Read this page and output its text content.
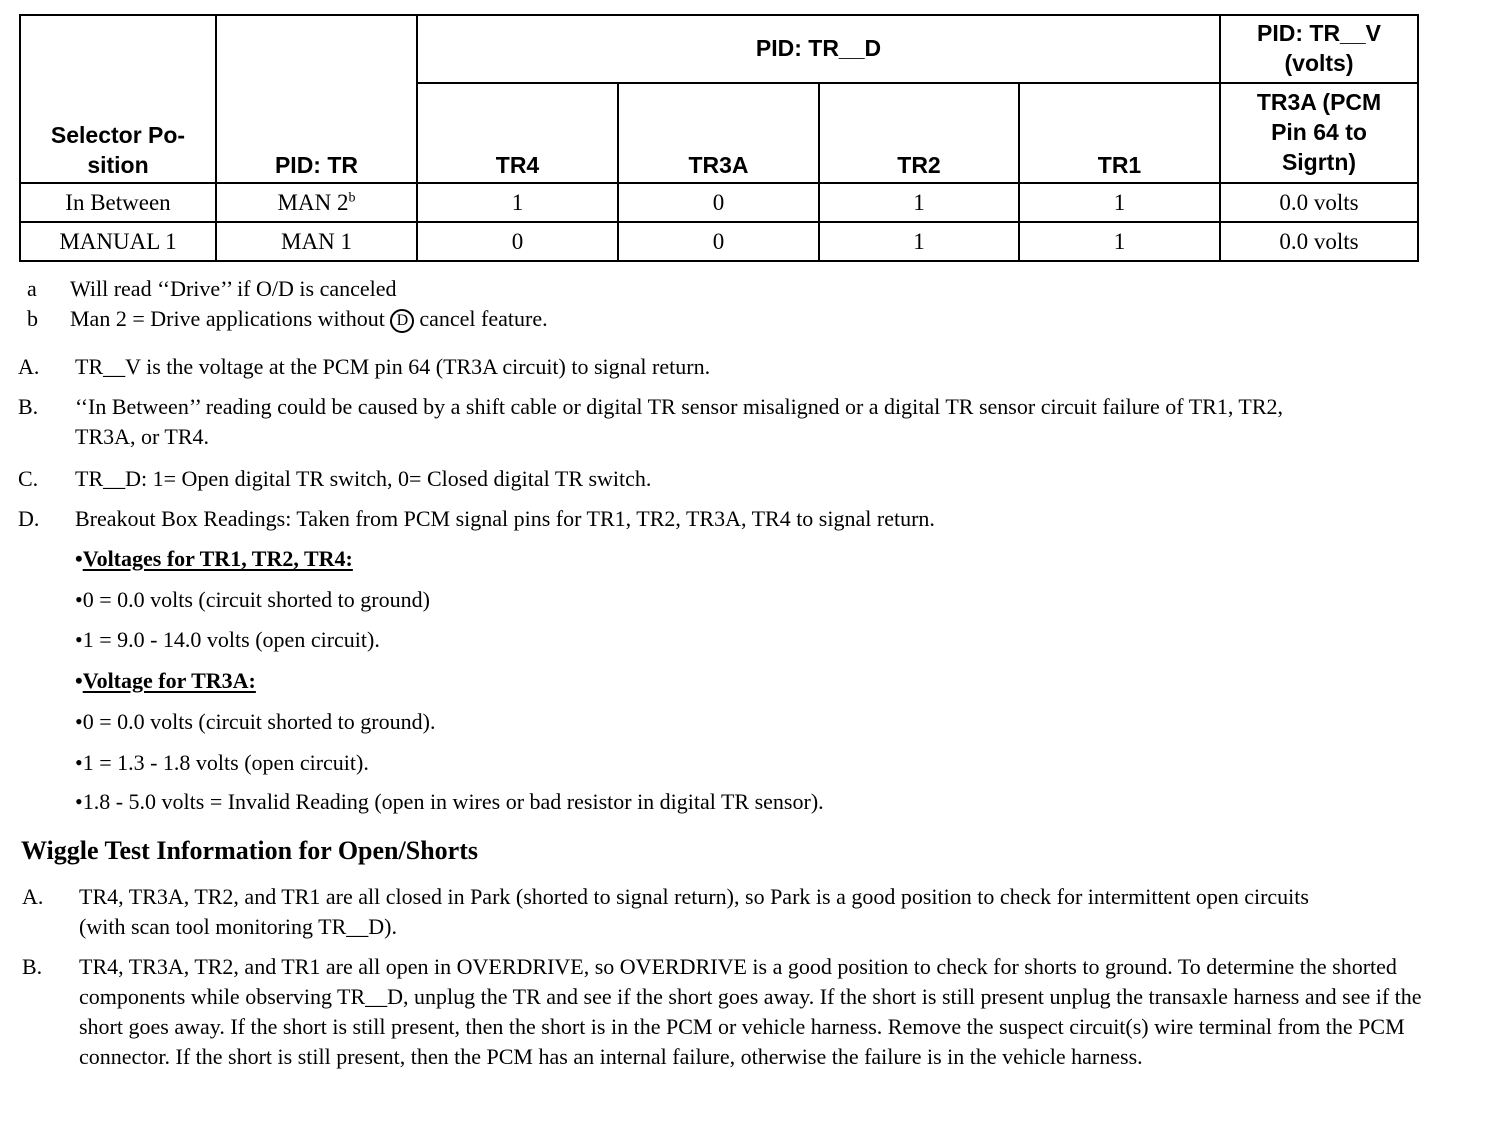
Selector Po-
sition	PID: TR	PID: TR__D				PID: TR__V
(volts)
		TR4	TR3A	TR2	TR1	TR3A (PCM
Pin 64 to
Sigrtn)
In Between	MAN 2$^b$	1	0	1	1	0.0 volts
MANUAL 1	MAN 1	0	0	1	1	0.0 volts
a Will read ‘‘Drive’’ if O/D is canceled
b Man 2 = Drive applications without D cancel feature.
A. TR__V is the voltage at the PCM pin 64 (TR3A circuit) to signal return.
B. ‘‘In Between’’ reading could be caused by a shift cable or digital TR sensor misaligned or a digital TR sensor circuit failure of TR1, TR2, TR3A, or TR4.
C. TR__D: 1= Open digital TR switch, 0= Closed digital TR switch.
D. Breakout Box Readings: Taken from PCM signal pins for TR1, TR2, TR3A, TR4 to signal return.
•Voltages for TR1, TR2, TR4:
•0 = 0.0 volts (circuit shorted to ground)
•1 = 9.0 - 14.0 volts (open circuit).
•Voltage for TR3A:
•0 = 0.0 volts (circuit shorted to ground).
•1 = 1.3 - 1.8 volts (open circuit).
•1.8 - 5.0 volts = Invalid Reading (open in wires or bad resistor in digital TR sensor).
Wiggle Test Information for Open/Shorts
A. TR4, TR3A, TR2, and TR1 are all closed in Park (shorted to signal return), so Park is a good position to check for intermittent open circuits (with scan tool monitoring TR__D).
B. TR4, TR3A, TR2, and TR1 are all open in OVERDRIVE, so OVERDRIVE is a good position to check for shorts to ground. To determine the shorted components while observing TR__D, unplug the TR and see if the short goes away. If the short is still present unplug the transaxle harness and see if the short goes away. If the short is still present, then the short is in the PCM or vehicle harness. Remove the suspect circuit(s) wire terminal from the PCM connector. If the short is still present, then the PCM has an internal failure, otherwise the failure is in the vehicle harness.
